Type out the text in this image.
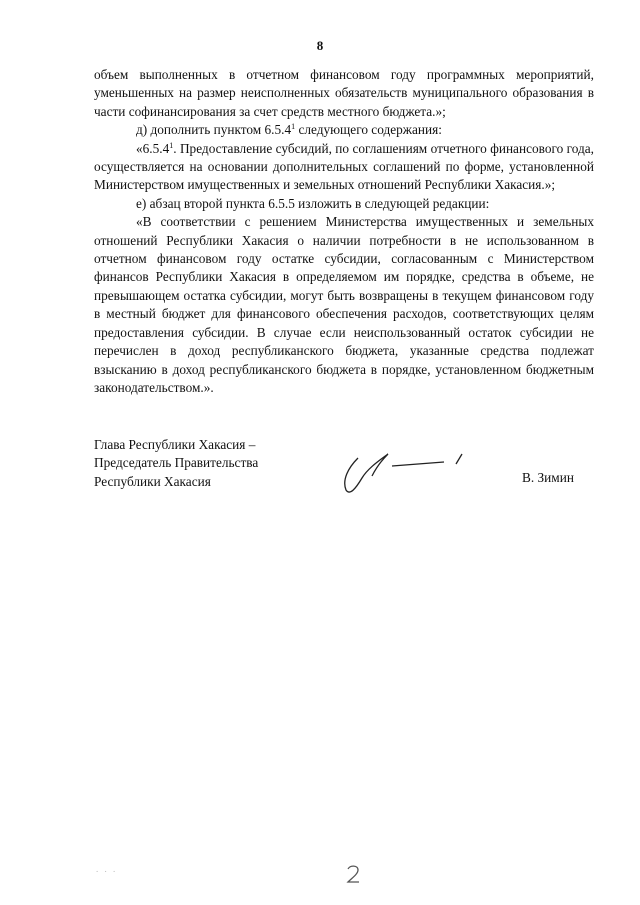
8

объем выполненных в отчетном финансовом году программных мероприятий, уменьшенных на размер неисполненных обязательств муниципального образования в части софинансирования за счет средств местного бюджета.»;

д) дополнить пунктом 6.5.4$^1$ следующего содержания:

«6.5.4$^1$. Предоставление субсидий, по соглашениям отчетного финансового года, осуществляется на основании дополнительных соглашений по форме, установленной Министерством имущественных и земельных отношений Республики Хакасия.»;

е) абзац второй пункта 6.5.5 изложить в следующей редакции:

«В соответствии с решением Министерства имущественных и земельных отношений Республики Хакасия о наличии потребности в не использованном в отчетном финансовом году остатке субсидии, согласованным с Министерством финансов Республики Хакасия в определяемом им порядке, средства в объеме, не превышающем остатка субсидии, могут быть возвращены в текущем финансовом году в местный бюджет для финансового обеспечения расходов, соответствующих целям предоставления субсидии. В случае если неиспользованный остаток субсидии не перечислен в доход республиканского бюджета, указанные средства подлежат взысканию в доход республиканского бюджета в порядке, установленном бюджетным законодательством.».

Глава Республики Хакасия –
Председатель Правительства
Республики Хакасия	В. Зимин
. . .
